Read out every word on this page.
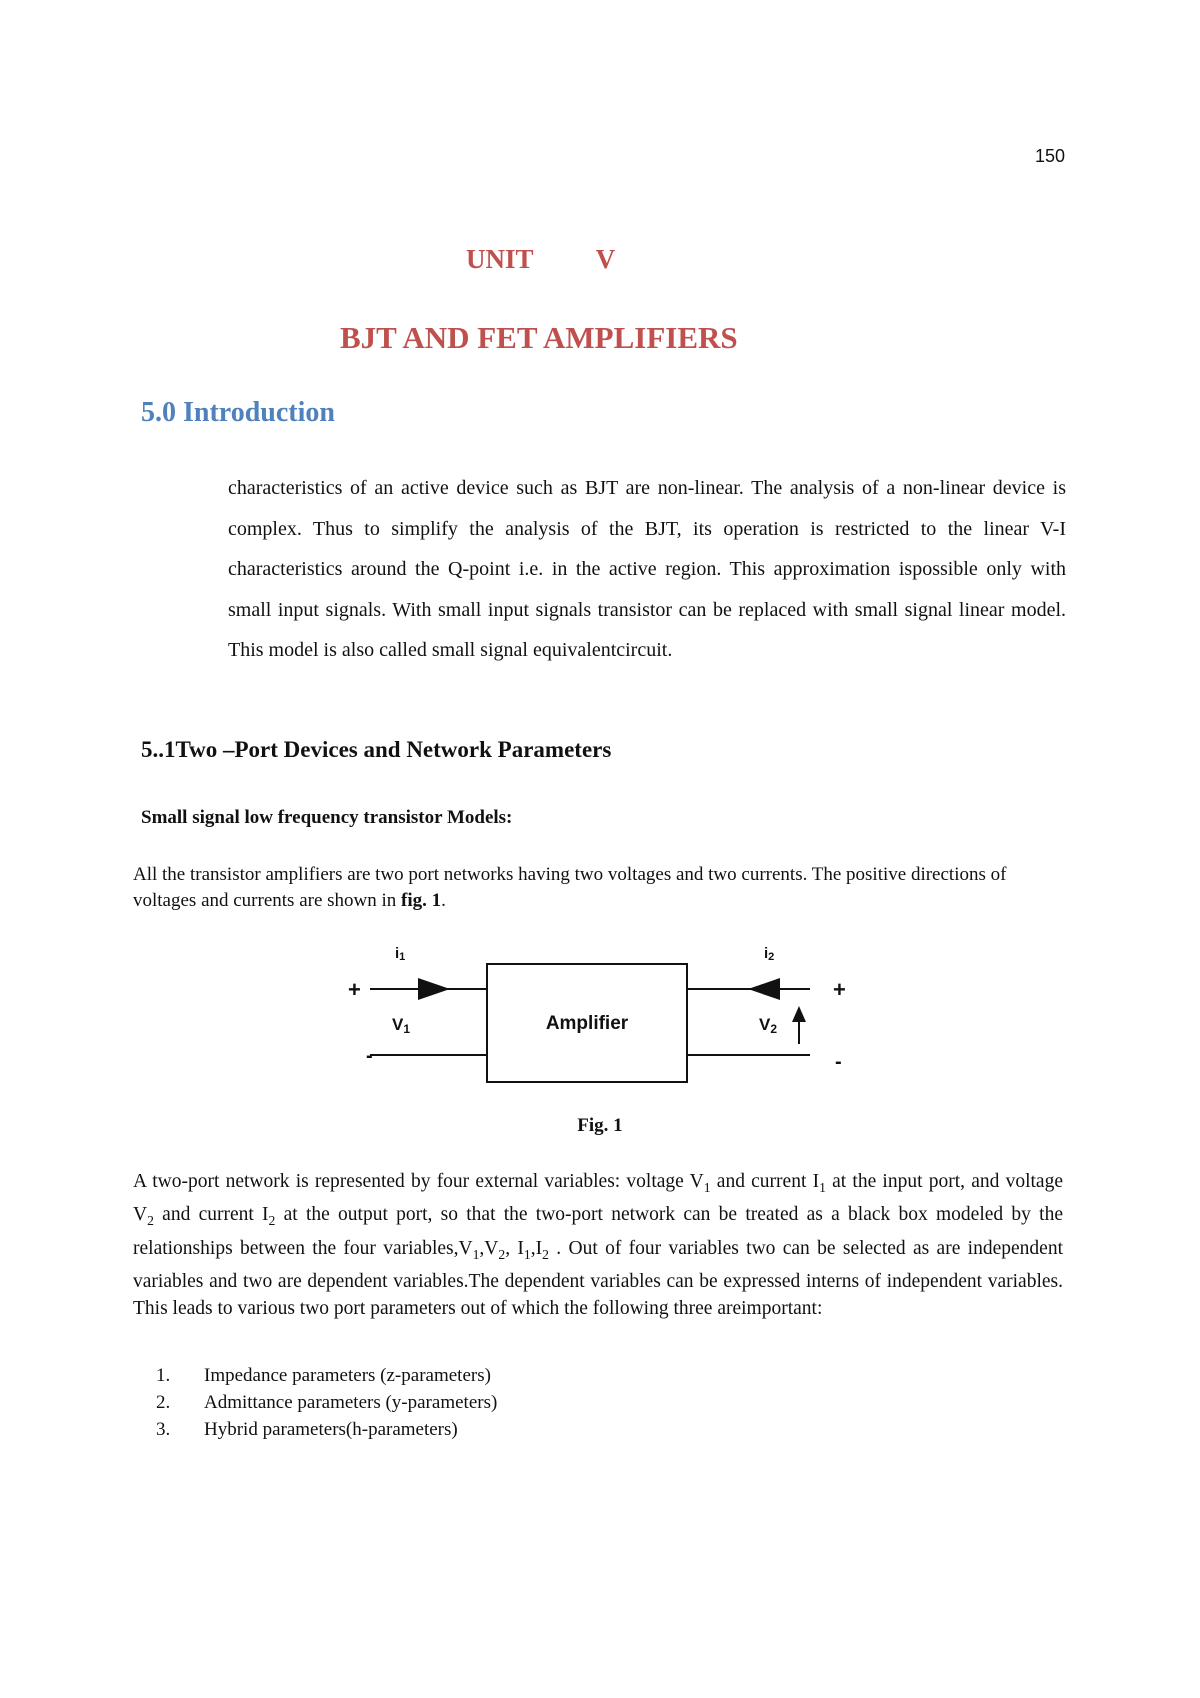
150
UNIT V
BJT AND FET AMPLIFIERS
5.0 Introduction

characteristics of an active device such as BJT are non-linear. The analysis of a non-linear device is complex. Thus to simplify the analysis of the BJT, its operation is restricted to the linear V-I characteristics around the Q-point i.e. in the active region. This approximation ispossible only with small input signals. With small input signals transistor can be replaced with small signal linear model. This model is also called small signal equivalentcircuit.

5..1Two –Port Devices and Network Parameters
Small signal low frequency transistor Models:

All the transistor amplifiers are two port networks having two voltages and two currents. The positive directions of voltages and currents are shown in fig. 1.

Amplifier
i1	i2
V1	V2
+
-
+
-
Fig. 1

A two-port network is represented by four external variables: voltage $V_1$ and current $I_1$ at the input port, and voltage $V_2$ and current $I_2$ at the output port, so that the two-port network can be treated as a black box modeled by the relationships between the four $variables,V_1,V_2$, $I_1,I_2$ . Out of four variables two can be selected as are independent variables and two are dependent variables.The dependent variables can be expressed interns of independent variables. This leads to various two port parameters out of which the following three areimportant:

1.	Impedance parameters (z-parameters)
2.	Admittance parameters (y-parameters)
3.	Hybrid parameters(h-parameters)
